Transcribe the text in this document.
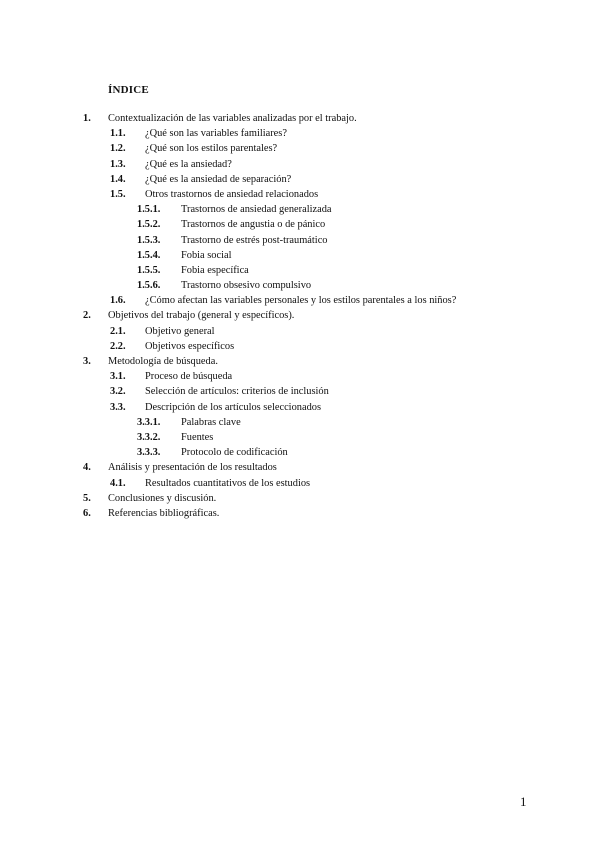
ÍNDICE
1. Contextualización de las variables analizadas por el trabajo.
1.1. ¿Qué son las variables familiares?
1.2. ¿Qué son los estilos parentales?
1.3. ¿Qué es la ansiedad?
1.4. ¿Qué es la ansiedad de separación?
1.5. Otros trastornos de ansiedad relacionados
1.5.1. Trastornos de ansiedad generalizada
1.5.2. Trastornos de angustia o de pánico
1.5.3. Trastorno de estrés post-traumático
1.5.4. Fobia social
1.5.5. Fobia específica
1.5.6. Trastorno obsesivo compulsivo
1.6. ¿Cómo afectan las variables personales y los estilos parentales a los niños?
2. Objetivos del trabajo (general y específicos).
2.1. Objetivo general
2.2. Objetivos específicos
3. Metodología de búsqueda.
3.1. Proceso de búsqueda
3.2. Selección de artículos: criterios de inclusión
3.3. Descripción de los artículos seleccionados
3.3.1. Palabras clave
3.3.2. Fuentes
3.3.3. Protocolo de codificación
4. Análisis y presentación de los resultados
4.1. Resultados cuantitativos de los estudios
5. Conclusiones y discusión.
6. Referencias bibliográficas.
1
